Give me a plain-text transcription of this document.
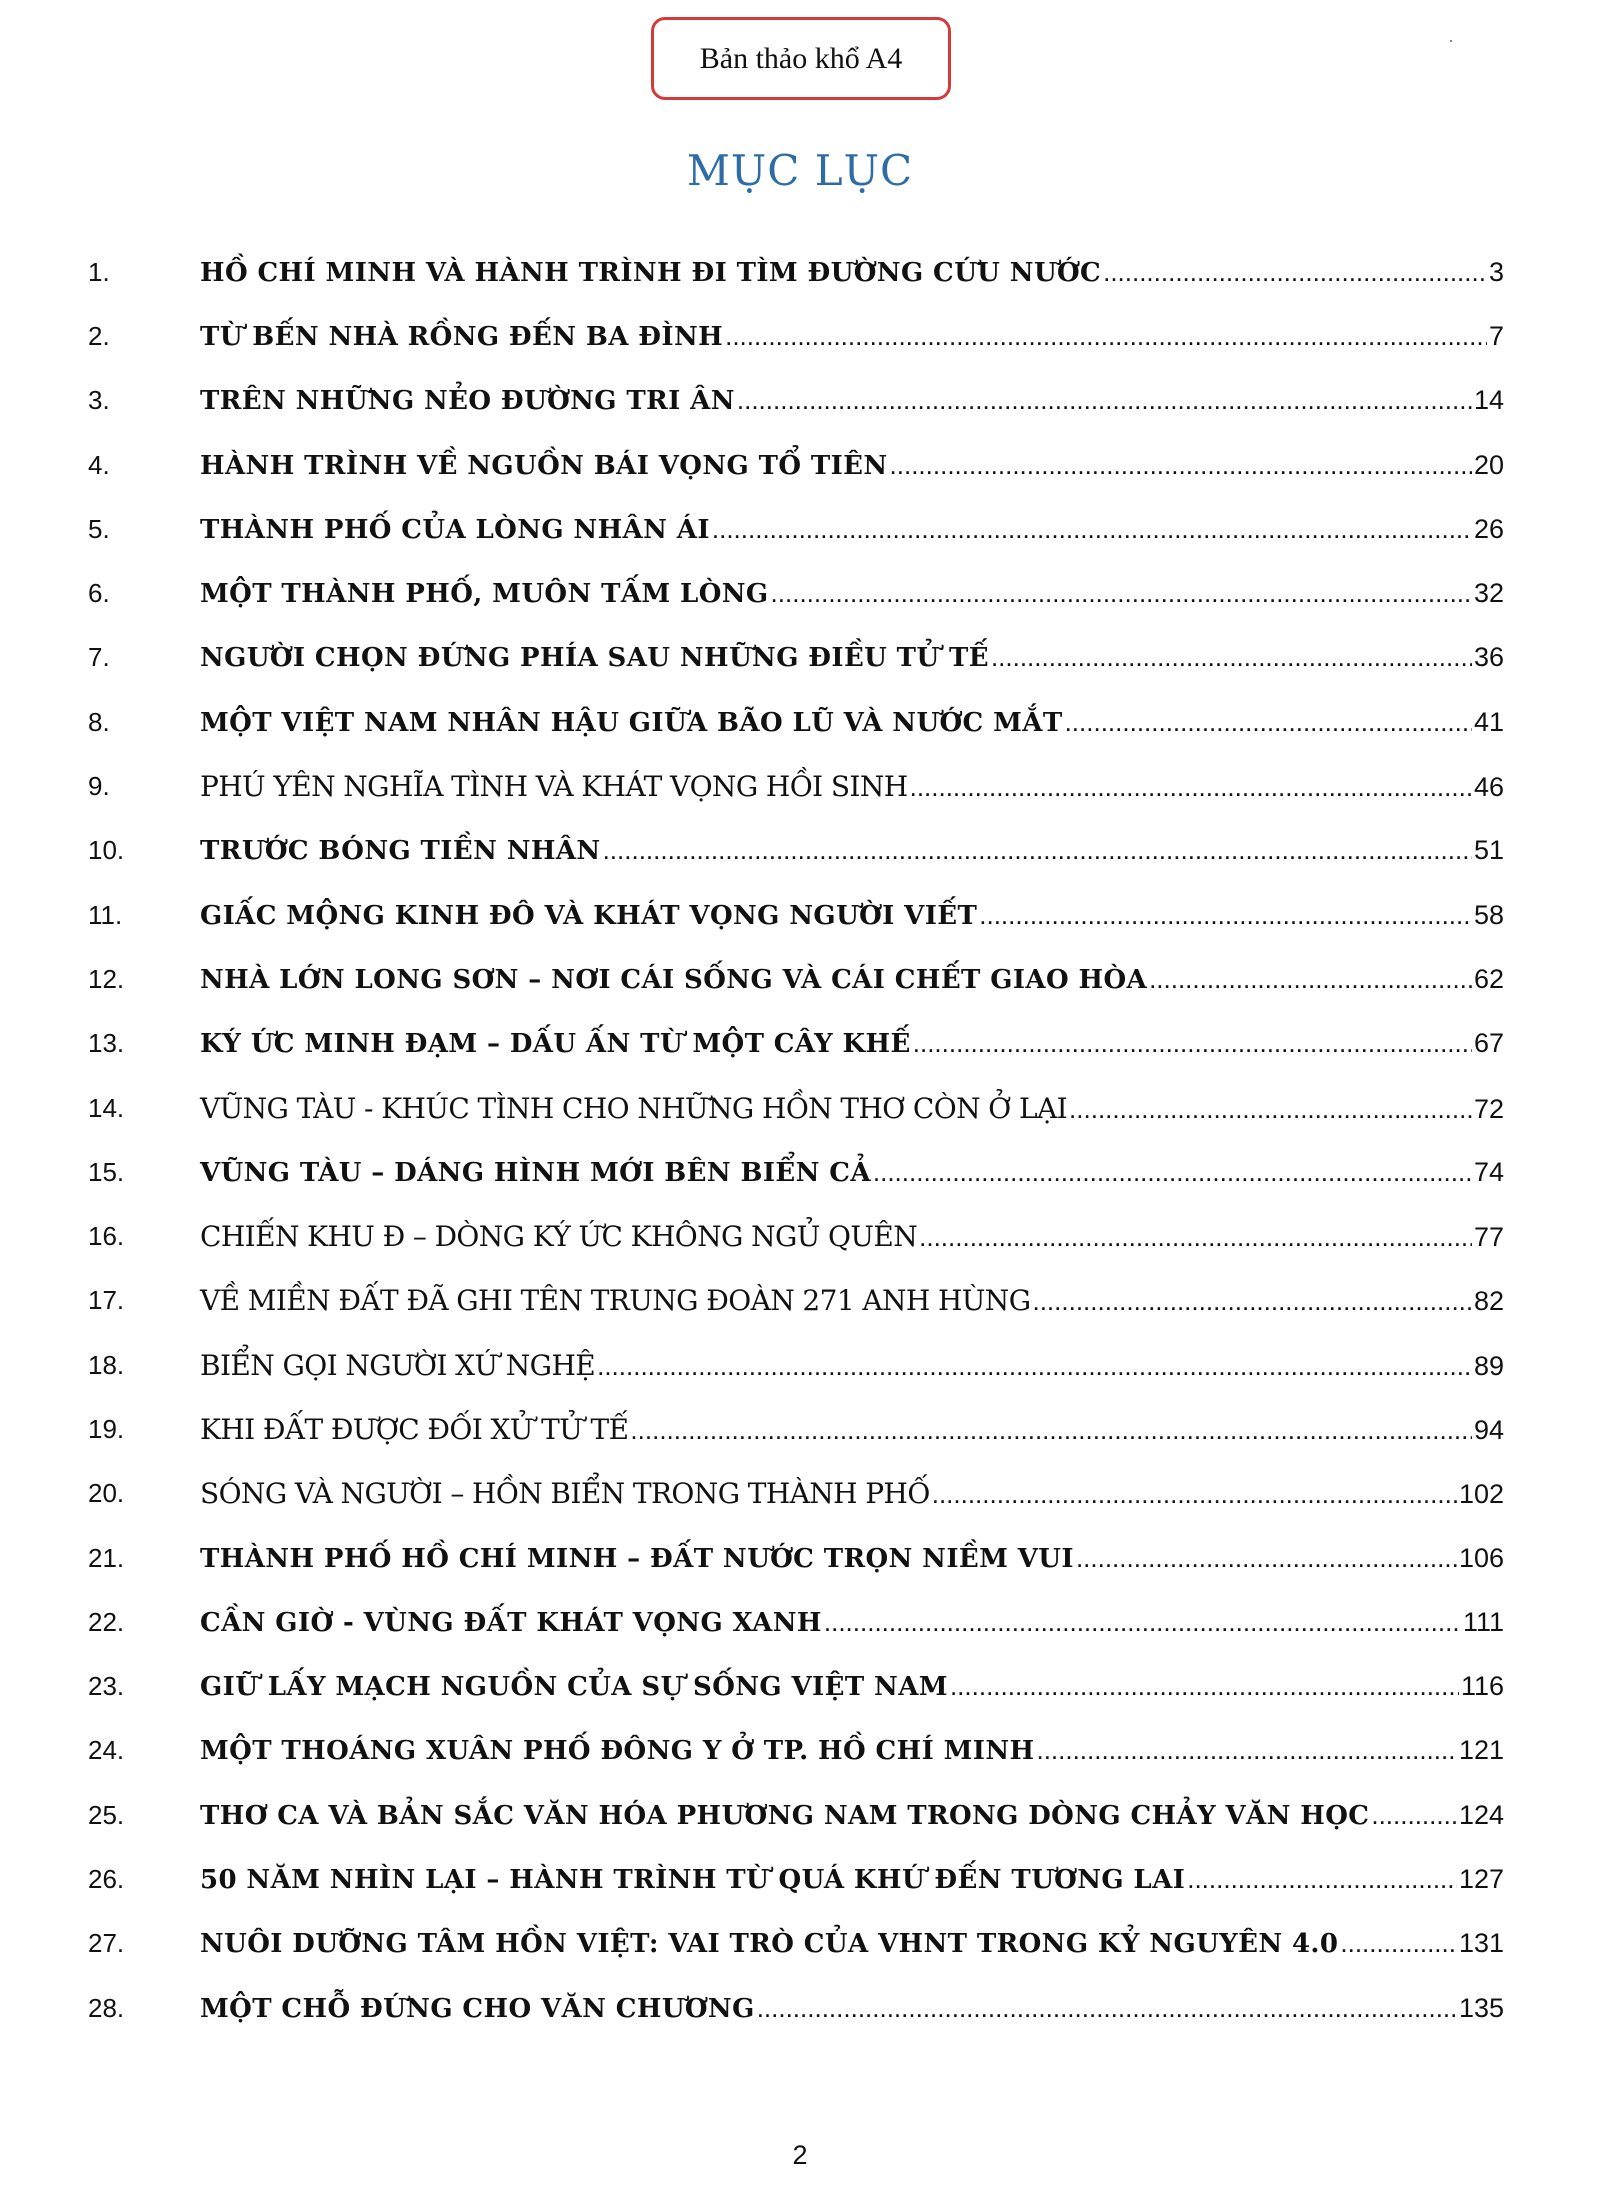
Bản thảo khổ A4
MỤC LỤC
1.	HỒ CHÍ MINH VÀ HÀNH TRÌNH ĐI TÌM ĐƯỜNG CỨU NƯỚC .....	3
2.	TỪ BẾN NHÀ RỒNG ĐẾN BA ĐÌNH .....	7
3.	TRÊN NHỮNG NẺO ĐƯỜNG TRI ÂN .....	14
4.	HÀNH TRÌNH VỀ NGUỒN BÁI VỌNG TỔ TIÊN .....	20
5.	THÀNH PHỐ CỦA LÒNG NHÂN ÁI .....	26
6.	MỘT THÀNH PHỐ, MUÔN TẤM LÒNG .....	32
7.	NGƯỜI CHỌN ĐỨNG PHÍA SAU NHỮNG ĐIỀU TỬ TẾ .....	36
8.	MỘT VIỆT NAM NHÂN HẬU GIỮA BÃO LŨ VÀ NƯỚC MẮT .....	41
9.	PHÚ YÊN NGHĨA TÌNH VÀ KHÁT VỌNG HỒI SINH .....	46
10.	TRƯỚC BÓNG TIỀN NHÂN .....	51
11.	GIẤC MỘNG KINH ĐÔ VÀ KHÁT VỌNG NGƯỜI VIẾT .....	58
12.	NHÀ LỚN LONG SƠN – NƠI CÁI SỐNG VÀ CÁI CHẾT GIAO HÒA .....	62
13.	KÝ ỨC MINH ĐẠM – DẤU ẤN TỪ MỘT CÂY KHẾ .....	67
14.	VŨNG TÀU - KHÚC TÌNH CHO NHỮNG HỒN THƠ CÒN Ở LẠI .....	72
15.	VŨNG TÀU – DÁNG HÌNH MỚI BÊN BIỂN CẢ .....	74
16.	CHIẾN KHU Đ – DÒNG KÝ ỨC KHÔNG NGỦ QUÊN .....	77
17.	VỀ MIỀN ĐẤT ĐÃ GHI TÊN TRUNG ĐOÀN 271 ANH HÙNG .....	82
18.	BIỂN GỌI NGƯỜI XỨ NGHỆ .....	89
19.	KHI ĐẤT ĐƯỢC ĐỐI XỬ TỬ TẾ .....	94
20.	SÓNG VÀ NGƯỜI – HỒN BIỂN TRONG THÀNH PHỐ .....	102
21.	THÀNH PHỐ HỒ CHÍ MINH – ĐẤT NƯỚC TRỌN NIỀM VUI .....	106
22.	CẦN GIỜ - VÙNG ĐẤT KHÁT VỌNG XANH .....	111
23.	GIỮ LẤY MẠCH NGUỒN CỦA SỰ SỐNG VIỆT NAM .....	116
24.	MỘT THOÁNG XUÂN PHỐ ĐÔNG Y Ở TP. HỒ CHÍ MINH .....	121
25.	THƠ CA VÀ BẢN SẮC VĂN HÓA PHƯƠNG NAM TRONG DÒNG CHẢY VĂN HỌC .....	124
26.	50 NĂM NHÌN LẠI – HÀNH TRÌNH TỪ QUÁ KHỨ ĐẾN TƯƠNG LAI .....	127
27.	NUÔI DƯỠNG TÂM HỒN VIỆT: VAI TRÒ CỦA VHNT TRONG KỶ NGUYÊN 4.0 .....	131
28.	MỘT CHỖ ĐỨNG CHO VĂN CHƯƠNG .....	135
2
